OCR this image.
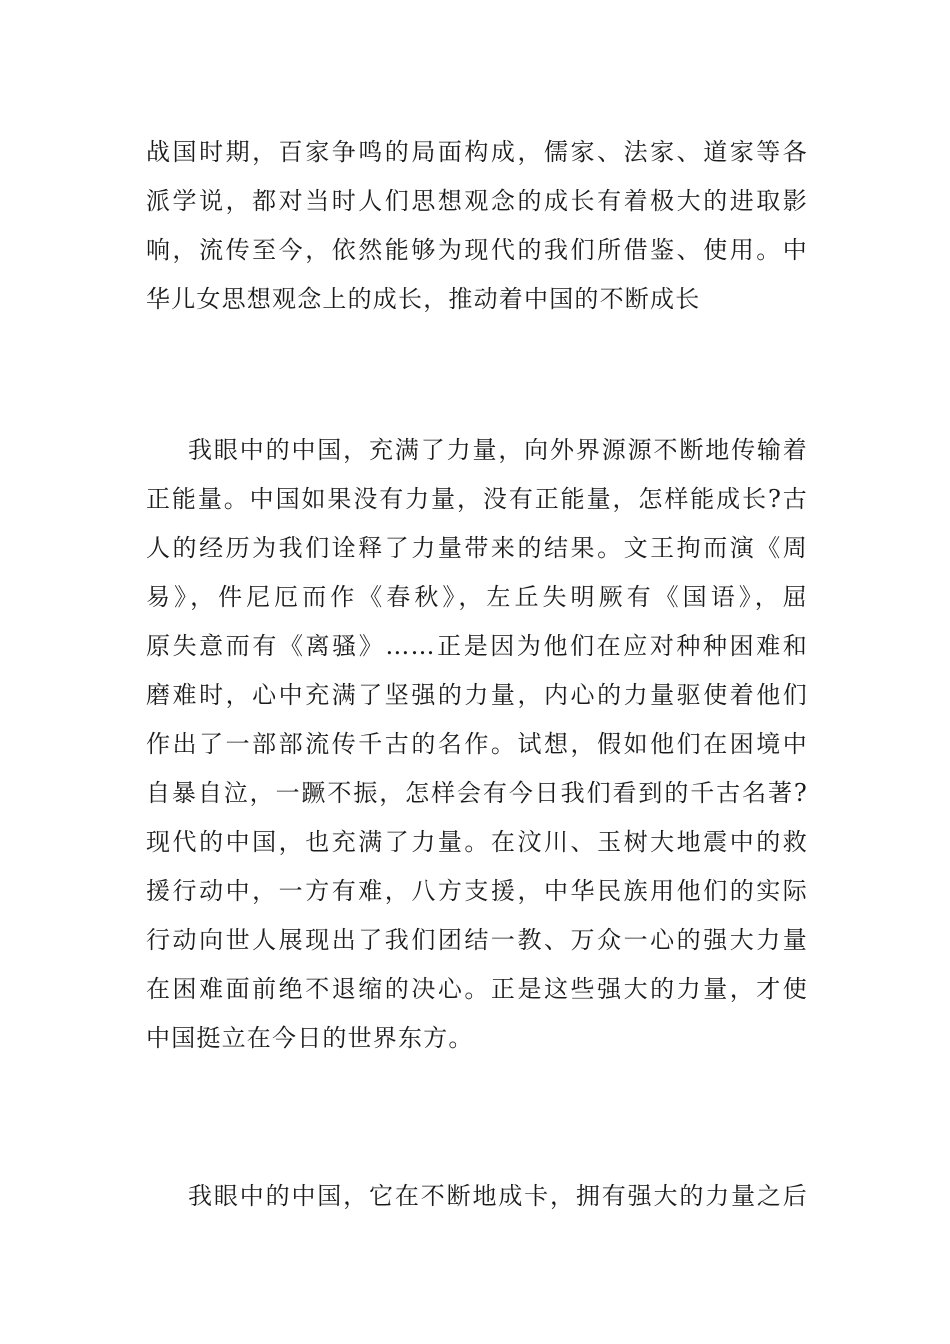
战国时期，百家争鸣的局面构成，儒家、法家、道家等各
派学说，都对当时人们思想观念的成长有着极大的进取影
响，流传至今，依然能够为现代的我们所借鉴、使用。中
华儿女思想观念上的成长，推动着中国的不断成长
我眼中的中国，充满了力量，向外界源源不断地传输着
正能量。中国如果没有力量，没有正能量，怎样能成长?古
人的经历为我们诠释了力量带来的结果。文王拘而演《周
易》，件尼厄而作《春秋》，左丘失明厥有《国语》，屈
原失意而有《离骚》……正是因为他们在应对种种困难和
磨难时，心中充满了坚强的力量，内心的力量驱使着他们
作出了一部部流传千古的名作。试想，假如他们在困境中
自暴自泣，一蹶不振，怎样会有今日我们看到的千古名著?
现代的中国，也充满了力量。在汶川、玉树大地震中的救
援行动中，一方有难，八方支援，中华民族用他们的实际
行动向世人展现出了我们团结一教、万众一心的强大力量
在困难面前绝不退缩的决心。正是这些强大的力量，才使
中国挺立在今日的世界东方。
我眼中的中国，它在不断地成卡，拥有强大的力量之后
